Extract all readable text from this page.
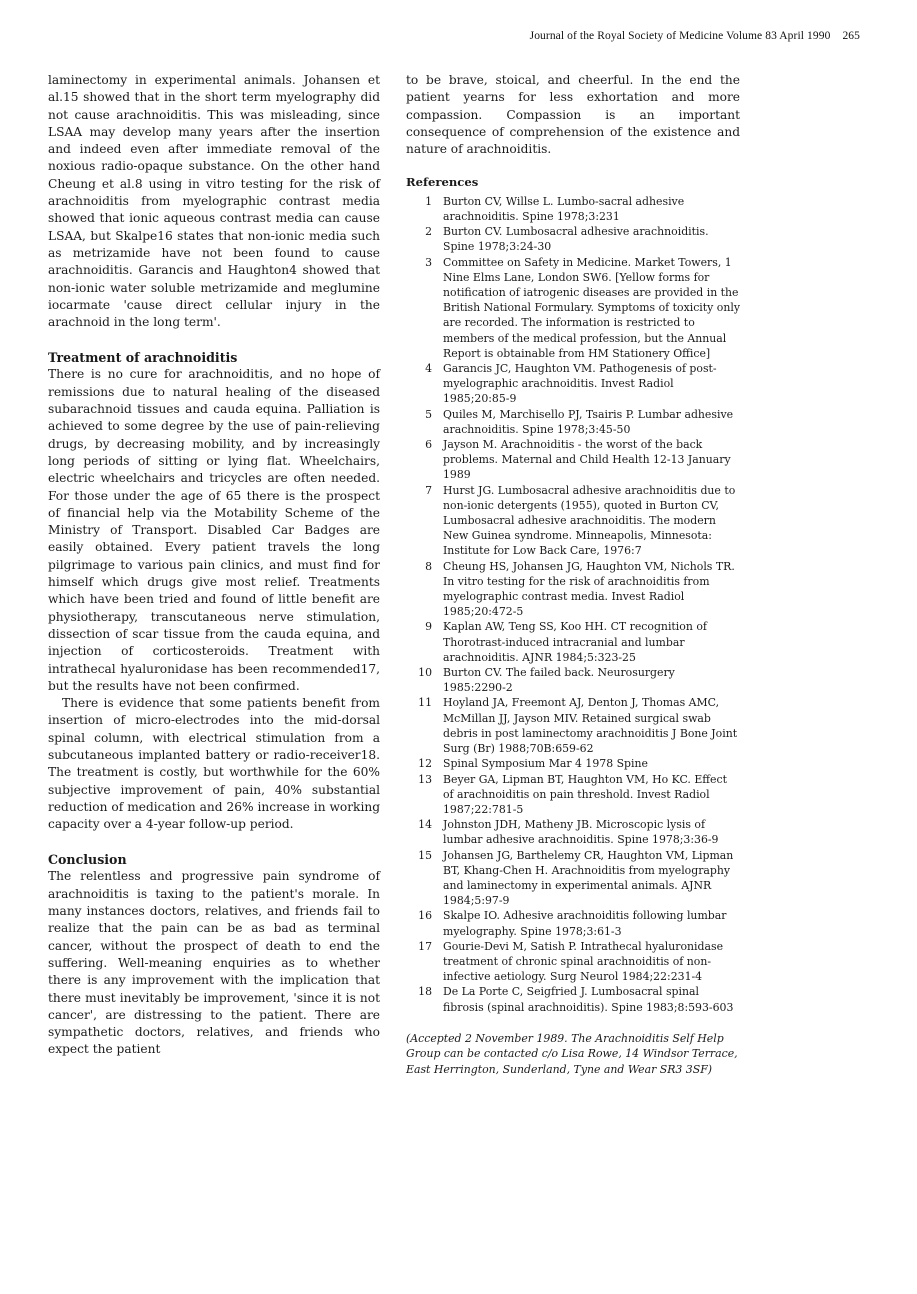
Journal of the Royal Society of Medicine Volume 83 April 1990 265

laminectomy in experimental animals. Johansen et al.15 showed that in the short term myelography did not cause arachnoiditis. This was misleading, since LSAA may develop many years after the insertion and indeed even after immediate removal of the noxious radio-opaque substance. On the other hand Cheung et al.8 using in vitro testing for the risk of arachnoiditis from myelographic contrast media showed that ionic aqueous contrast media can cause LSAA, but Skalpe16 states that non-ionic media such as metrizamide have not been found to cause arachnoiditis. Garancis and Haughton4 showed that non-ionic water soluble metrizamide and meglumine iocarmate 'cause direct cellular injury in the arachnoid in the long term'.

Treatment of arachnoiditis

There is no cure for arachnoiditis, and no hope of remissions due to natural healing of the diseased subarachnoid tissues and cauda equina. Palliation is achieved to some degree by the use of pain-relieving drugs, by decreasing mobility, and by increasingly long periods of sitting or lying flat. Wheelchairs, electric wheelchairs and tricycles are often needed. For those under the age of 65 there is the prospect of financial help via the Motability Scheme of the Ministry of Transport. Disabled Car Badges are easily obtained. Every patient travels the long pilgrimage to various pain clinics, and must find for himself which drugs give most relief. Treatments which have been tried and found of little benefit are physiotherapy, transcutaneous nerve stimulation, dissection of scar tissue from the cauda equina, and injection of corticosteroids. Treatment with intrathecal hyaluronidase has been recommended17, but the results have not been confirmed.

There is evidence that some patients benefit from insertion of micro-electrodes into the mid-dorsal spinal column, with electrical stimulation from a subcutaneous implanted battery or radio-receiver18. The treatment is costly, but worthwhile for the 60% subjective improvement of pain, 40% substantial reduction of medication and 26% increase in working capacity over a 4-year follow-up period.

Conclusion

The relentless and progressive pain syndrome of arachnoiditis is taxing to the patient's morale. In many instances doctors, relatives, and friends fail to realize that the pain can be as bad as terminal cancer, without the prospect of death to end the suffering. Well-meaning enquiries as to whether there is any improvement with the implication that there must inevitably be improvement, 'since it is not cancer', are distressing to the patient. There are sympathetic doctors, relatives, and friends who expect the patient

to be brave, stoical, and cheerful. In the end the patient yearns for less exhortation and more compassion. Compassion is an important consequence of comprehension of the existence and nature of arachnoiditis.

References
1	Burton CV, Willse L. Lumbo-sacral adhesive arachnoiditis. Spine 1978;3:231
2	Burton CV. Lumbosacral adhesive arachnoiditis. Spine 1978;3:24-30
3	Committee on Safety in Medicine. Market Towers, 1 Nine Elms Lane, London SW6. [Yellow forms for notification of iatrogenic diseases are provided in the British National Formulary. Symptoms of toxicity only are recorded. The information is restricted to members of the medical profession, but the Annual Report is obtainable from HM Stationery Office]
4	Garancis JC, Haughton VM. Pathogenesis of post-myelographic arachnoiditis. Invest Radiol 1985;20:85-9
5	Quiles M, Marchisello PJ, Tsairis P. Lumbar adhesive arachnoiditis. Spine 1978;3:45-50
6	Jayson M. Arachnoiditis - the worst of the back problems. Maternal and Child Health 12-13 January 1989
7	Hurst JG. Lumbosacral adhesive arachnoiditis due to non-ionic detergents (1955), quoted in Burton CV, Lumbosacral adhesive arachnoiditis. The modern New Guinea syndrome. Minneapolis, Minnesota: Institute for Low Back Care, 1976:7
8	Cheung HS, Johansen JG, Haughton VM, Nichols TR. In vitro testing for the risk of arachnoiditis from myelographic contrast media. Invest Radiol 1985;20:472-5
9	Kaplan AW, Teng SS, Koo HH. CT recognition of Thorotrast-induced intracranial and lumbar arachnoiditis. AJNR 1984;5:323-25
10	Burton CV. The failed back. Neurosurgery 1985:2290-2
11	Hoyland JA, Freemont AJ, Denton J, Thomas AMC, McMillan JJ, Jayson MIV. Retained surgical swab debris in post laminectomy arachnoiditis J Bone Joint Surg (Br) 1988;70B:659-62
12	Spinal Symposium Mar 4 1978 Spine
13	Beyer GA, Lipman BT, Haughton VM, Ho KC. Effect of arachnoiditis on pain threshold. Invest Radiol 1987;22:781-5
14	Johnston JDH, Matheny JB. Microscopic lysis of lumbar adhesive arachnoiditis. Spine 1978;3:36-9
15	Johansen JG, Barthelemy CR, Haughton VM, Lipman BT, Khang-Chen H. Arachnoiditis from myelography and laminectomy in experimental animals. AJNR 1984;5:97-9
16	Skalpe IO. Adhesive arachnoiditis following lumbar myelography. Spine 1978;3:61-3
17	Gourie-Devi M, Satish P. Intrathecal hyaluronidase treatment of chronic spinal arachnoiditis of non-infective aetiology. Surg Neurol 1984;22:231-4
18	De La Porte C, Seigfried J. Lumbosacral spinal fibrosis (spinal arachnoiditis). Spine 1983;8:593-603

(Accepted 2 November 1989. The Arachnoiditis Self Help Group can be contacted c/o Lisa Rowe, 14 Windsor Terrace, East Herrington, Sunderland, Tyne and Wear SR3 3SF)
